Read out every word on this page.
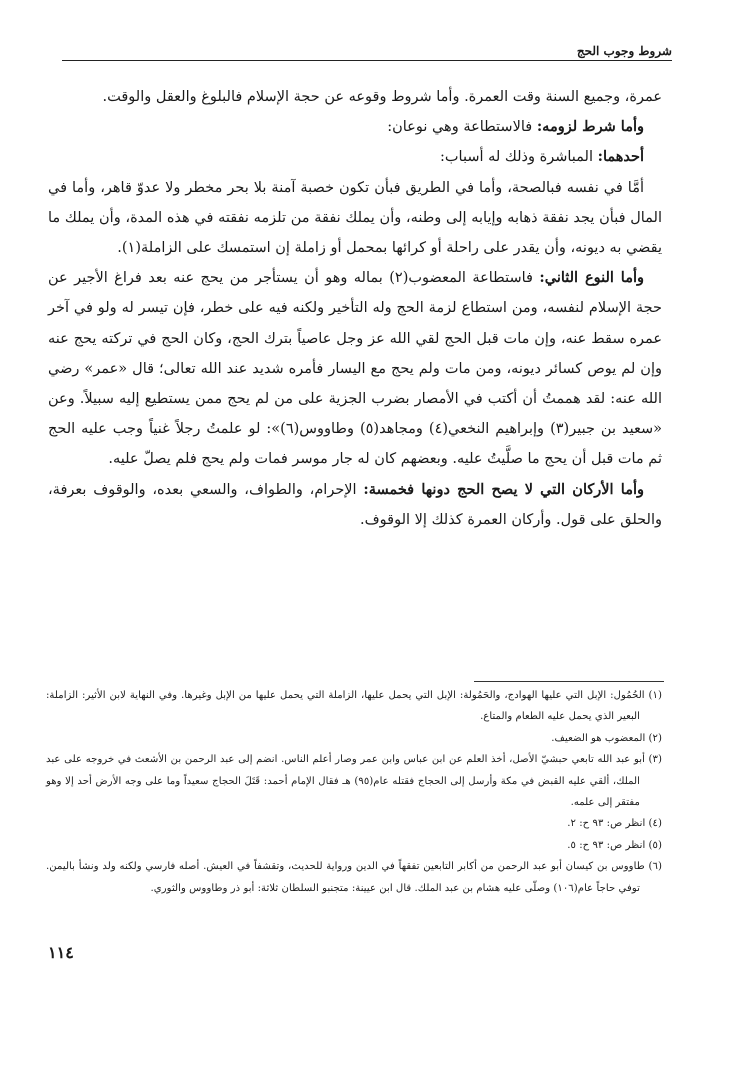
شروط وجوب الحج

عمرة، وجميع السنة وقت العمرة. وأما شروط وقوعه عن حجة الإسلام فالبلوغ والعقل والوقت.

وأما شرط لزومه: فالاستطاعة وهي نوعان:

أحدهما: المباشرة وذلك له أسباب:

أمَّا في نفسه فبالصحة، وأما في الطريق فبأن تكون خصبة آمنة بلا بحر مخطر ولا عدوّ قاهر، وأما في المال فبأن يجد نفقة ذهابه وإيابه إلى وطنه، وأن يملك نفقة من تلزمه نفقته في هذه المدة، وأن يملك ما يقضي به ديونه، وأن يقدر على راحلة أو كرائها بمحمل أو زاملة إن استمسك على الزاملة(١).

وأما النوع الثاني: فاستطاعة المعضوب(٢) بماله وهو أن يستأجر من يحج عنه بعد فراغ الأجير عن حجة الإسلام لنفسه، ومن استطاع لزمة الحج وله التأخير ولكنه فيه على خطر، فإن تيسر له ولو في آخر عمره سقط عنه، وإن مات قبل الحج لقي الله عز وجل عاصياً بترك الحج، وكان الحج في تركته يحج عنه وإن لم يوص كسائر ديونه، ومن مات ولم يحج مع اليسار فأمره شديد عند الله تعالى؛ قال «عمر» رضي الله عنه: لقد هممتُ أن أكتب في الأمصار بضرب الجزية على من لم يحج ممن يستطيع إليه سبيلاً. وعن «سعيد بن جبير(٣) وإبراهيم النخعي(٤) ومجاهد(٥) وطاووس(٦)»: لو علمتُ رجلاً غنياً وجب عليه الحج ثم مات قبل أن يحج ما صلَّيتُ عليه. وبعضهم كان له جار موسر فمات ولم يحج فلم يصلّ عليه.

وأما الأركان التي لا يصح الحج دونها فخمسة: الإحرام، والطواف، والسعي بعده، والوقوف بعرفة، والحلق على قول. وأركان العمرة كذلك إلا الوقوف.

(١) الحُمُول: الإبل التي عليها الهوادج، والحَمُولة: الإبل التي يحمل عليها، الزاملة التي يحمل عليها من الإبل وغيرها. وفي النهاية لابن الأثير: الزاملة: البعير الذي يحمل عليه الطعام والمتاع.

(٢) المعضوب هو الضعيف.

(٣) أبو عبد الله تابعي حبشيّ الأصل، أخذ العلم عن ابن عباس وابن عمر وصار أعلم الناس. انضم إلى عبد الرحمن بن الأشعث في خروجه على عبد الملك، ألقي عليه القبض في مكة وأرسل إلى الحجاج فقتله عام(٩٥) هـ فقال الإمام أحمد: قَتَلَ الحجاج سعيداً وما على وجه الأرض أحد إلا وهو مفتقر إلى علمه.

(٤) انظر ص: ٩٣ ح: ٢.

(٥) انظر ص: ٩٣ ح: ٥.

(٦) طاووس بن كيسان أبو عبد الرحمن من أكابر التابعين تفقهاً في الدين ورواية للحديث، وتقشفاً في العيش. أصله فارسي ولكنه ولد ونشأ باليمن. توفي حاجاً عام(١٠٦) وصلّى عليه هشام بن عبد الملك. قال ابن عيينة: متجنبو السلطان ثلاثة: أبو ذر وطاووس والثوري.

١١٤
